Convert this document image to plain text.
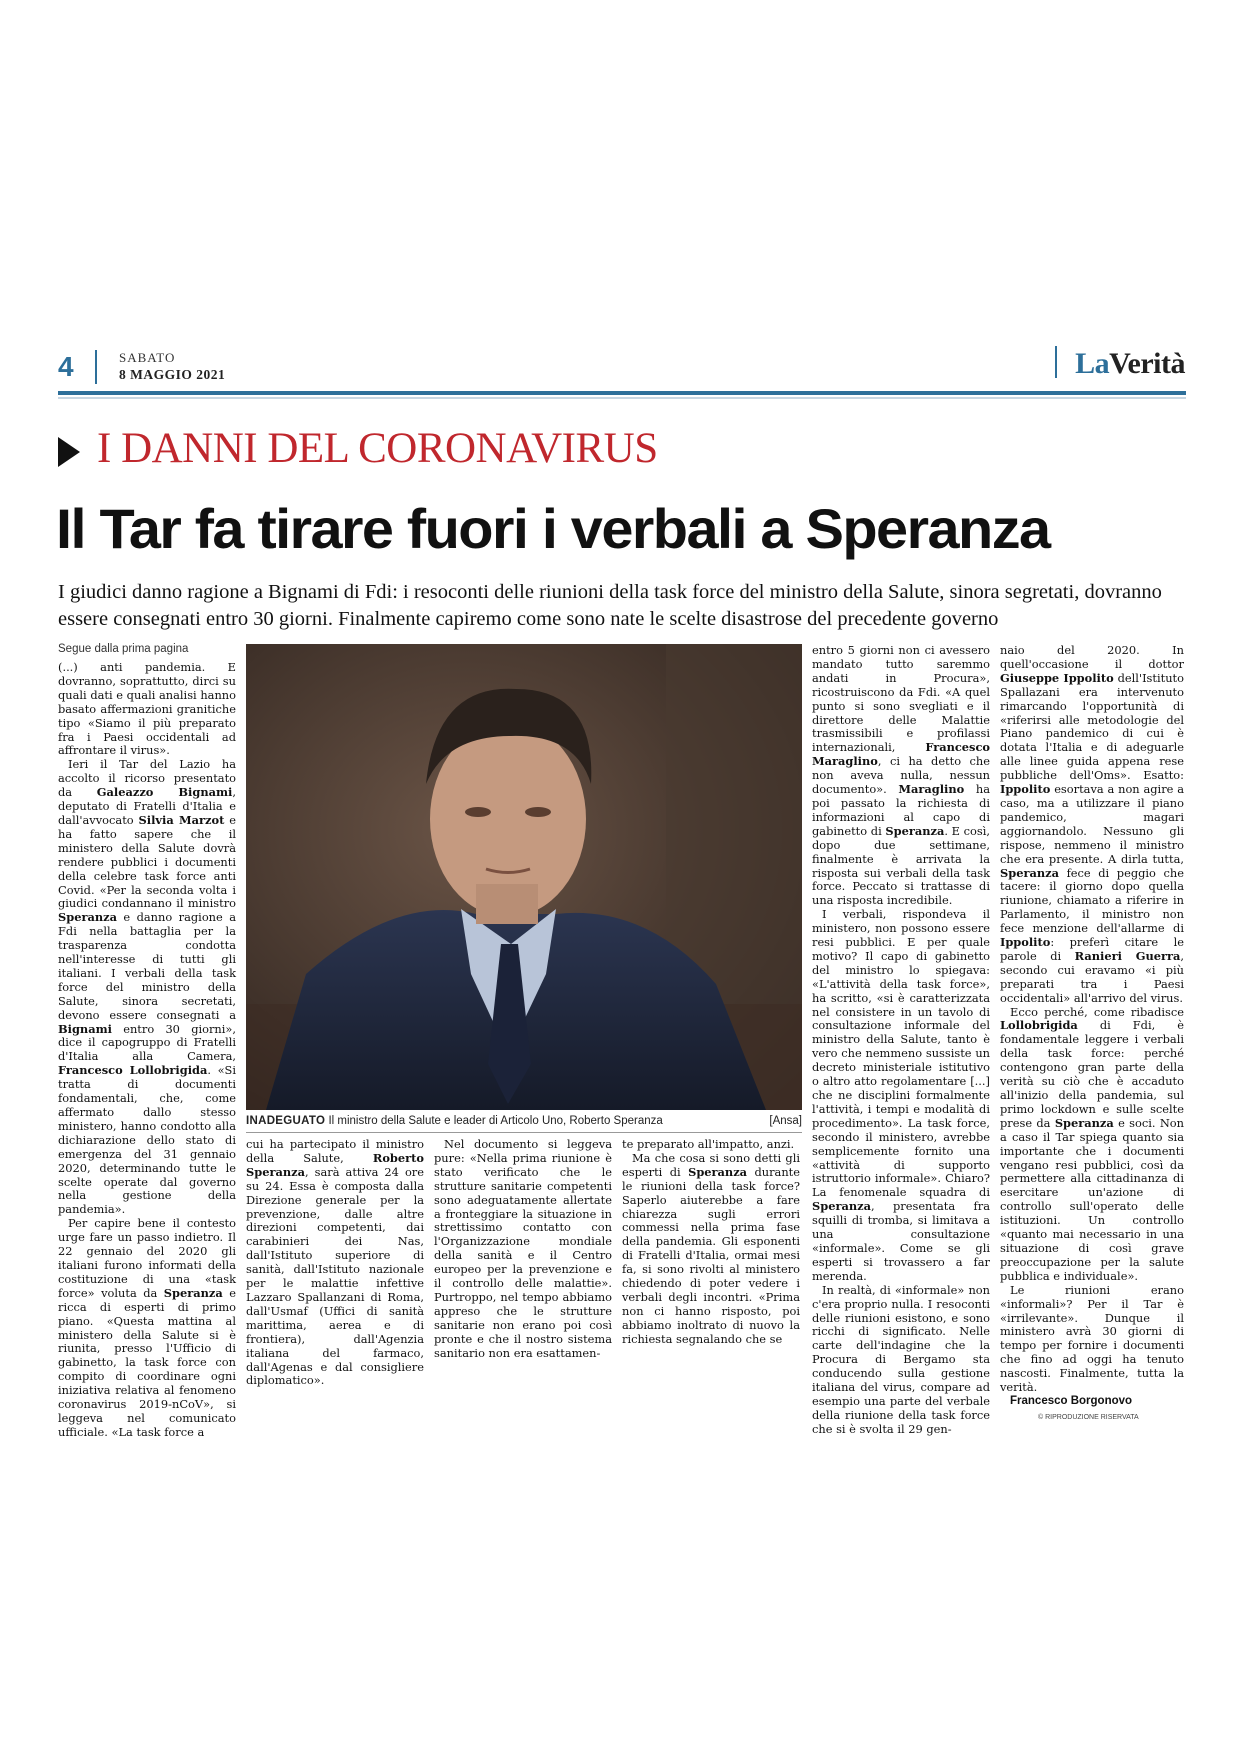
4	SABATO
8 MAGGIO 2021	LaVerità
I DANNI DEL CORONAVIRUS
Il Tar fa tirare fuori i verbali a Speranza
I giudici danno ragione a Bignami di Fdi: i resoconti delle riunioni della task force del ministro della Salute, sinora segretati, dovranno essere consegnati entro 30 giorni. Finalmente capiremo come sono nate le scelte disastrose del precedente governo
Segue dalla prima pagina
INADEGUATO Il ministro della Salute e leader di Articolo Uno, Roberto Speranza	[Ansa]

(...) anti pandemia. E dovranno, soprattutto, dirci su quali dati e quali analisi hanno basato affermazioni granitiche tipo «Siamo il più preparato fra i Paesi occidentali ad affrontare il virus».

Ieri il Tar del Lazio ha accolto il ricorso presentato da Galeazzo Bignami, deputato di Fratelli d'Italia e dall'avvocato Silvia Marzot e ha fatto sapere che il ministero della Salute dovrà rendere pubblici i documenti della celebre task force anti Covid. «Per la seconda volta i giudici condannano il ministro Speranza e danno ragione a Fdi nella battaglia per la trasparenza condotta nell'interesse di tutti gli italiani. I verbali della task force del ministro della Salute, sinora secretati, devono essere consegnati a Bignami entro 30 giorni», dice il capogruppo di Fratelli d'Italia alla Camera, Francesco Lollobrigida. «Si tratta di documenti fondamentali, che, come affermato dallo stesso ministero, hanno condotto alla dichiarazione dello stato di emergenza del 31 gennaio 2020, determinando tutte le scelte operate dal governo nella gestione della pandemia».

Per capire bene il contesto urge fare un passo indietro. Il 22 gennaio del 2020 gli italiani furono informati della costituzione di una «task force» voluta da Speranza e ricca di esperti di primo piano. «Questa mattina al ministero della Salute si è riunita, presso l'Ufficio di gabinetto, la task force con compito di coordinare ogni iniziativa relativa al fenomeno coronavirus 2019-nCoV», si leggeva nel comunicato ufficiale. «La task force a

cui ha partecipato il ministro della Salute, Roberto Speranza, sarà attiva 24 ore su 24. Essa è composta dalla Direzione generale per la prevenzione, dalle altre direzioni competenti, dai carabinieri dei Nas, dall'Istituto superiore di sanità, dall'Istituto nazionale per le malattie infettive Lazzaro Spallanzani di Roma, dall'Usmaf (Uffici di sanità marittima, aerea e di frontiera), dall'Agenzia italiana del farmaco, dall'Agenas e dal consigliere diplomatico».

Nel documento si leggeva pure: «Nella prima riunione è stato verificato che le strutture sanitarie competenti sono adeguatamente allertate a fronteggiare la situazione in strettissimo contatto con l'Organizzazione mondiale della sanità e il Centro europeo per la prevenzione e il controllo delle malattie». Purtroppo, nel tempo abbiamo appreso che le strutture sanitarie non erano poi così pronte e che il nostro sistema sanitario non era esattamen-

te preparato all'impatto, anzi.

Ma che cosa si sono detti gli esperti di Speranza durante le riunioni della task force? Saperlo aiuterebbe a fare chiarezza sugli errori commessi nella prima fase della pandemia. Gli esponenti di Fratelli d'Italia, ormai mesi fa, si sono rivolti al ministero chiedendo di poter vedere i verbali degli incontri. «Prima non ci hanno risposto, poi abbiamo inoltrato di nuovo la richiesta segnalando che se

entro 5 giorni non ci avessero mandato tutto saremmo andati in Procura», ricostruiscono da Fdi. «A quel punto si sono svegliati e il direttore delle Malattie trasmissibili e profilassi internazionali, Francesco Maraglino, ci ha detto che non aveva nulla, nessun documento». Maraglino ha poi passato la richiesta di informazioni al capo di gabinetto di Speranza. E così, dopo due settimane, finalmente è arrivata la risposta sui verbali della task force. Peccato si trattasse di una risposta incredibile.

I verbali, rispondeva il ministero, non possono essere resi pubblici. E per quale motivo? Il capo di gabinetto del ministro lo spiegava: «L'attività della task force», ha scritto, «si è caratterizzata nel consistere in un tavolo di consultazione informale del ministro della Salute, tanto è vero che nemmeno sussiste un decreto ministeriale istitutivo o altro atto regolamentare [...] che ne disciplini formalmente l'attività, i tempi e modalità di procedimento». La task force, secondo il ministero, avrebbe semplicemente fornito una «attività di supporto istruttorio informale». Chiaro? La fenomenale squadra di Speranza, presentata fra squilli di tromba, si limitava a una consultazione «informale». Come se gli esperti si trovassero a far merenda.

In realtà, di «informale» non c'era proprio nulla. I resoconti delle riunioni esistono, e sono ricchi di significato. Nelle carte dell'indagine che la Procura di Bergamo sta conducendo sulla gestione italiana del virus, compare ad esempio una parte del verbale della riunione della task force che si è svolta il 29 gen-

naio del 2020. In quell'occasione il dottor Giuseppe Ippolito dell'Istituto Spallazani era intervenuto rimarcando l'opportunità di «riferirsi alle metodologie del Piano pandemico di cui è dotata l'Italia e di adeguarle alle linee guida appena rese pubbliche dell'Oms». Esatto: Ippolito esortava a non agire a caso, ma a utilizzare il piano pandemico, magari aggiornandolo. Nessuno gli rispose, nemmeno il ministro che era presente. A dirla tutta, Speranza fece di peggio che tacere: il giorno dopo quella riunione, chiamato a riferire in Parlamento, il ministro non fece menzione dell'allarme di Ippolito: preferì citare le parole di Ranieri Guerra, secondo cui eravamo «i più preparati tra i Paesi occidentali» all'arrivo del virus.

Ecco perché, come ribadisce Lollobrigida di Fdi, è fondamentale leggere i verbali della task force: perché contengono gran parte della verità su ciò che è accaduto all'inizio della pandemia, sul primo lockdown e sulle scelte prese da Speranza e soci. Non a caso il Tar spiega quanto sia importante che i documenti vengano resi pubblici, così da permettere alla cittadinanza di esercitare un'azione di controllo sull'operato delle istituzioni. Un controllo «quanto mai necessario in una situazione di così grave preoccupazione per la salute pubblica e individuale».

Le riunioni erano «informali»? Per il Tar è «irrilevante». Dunque il ministero avrà 30 giorni di tempo per fornire i documenti che fino ad oggi ha tenuto nascosti. Finalmente, tutta la verità.

Francesco Borgonovo
© RIPRODUZIONE RISERVATA
